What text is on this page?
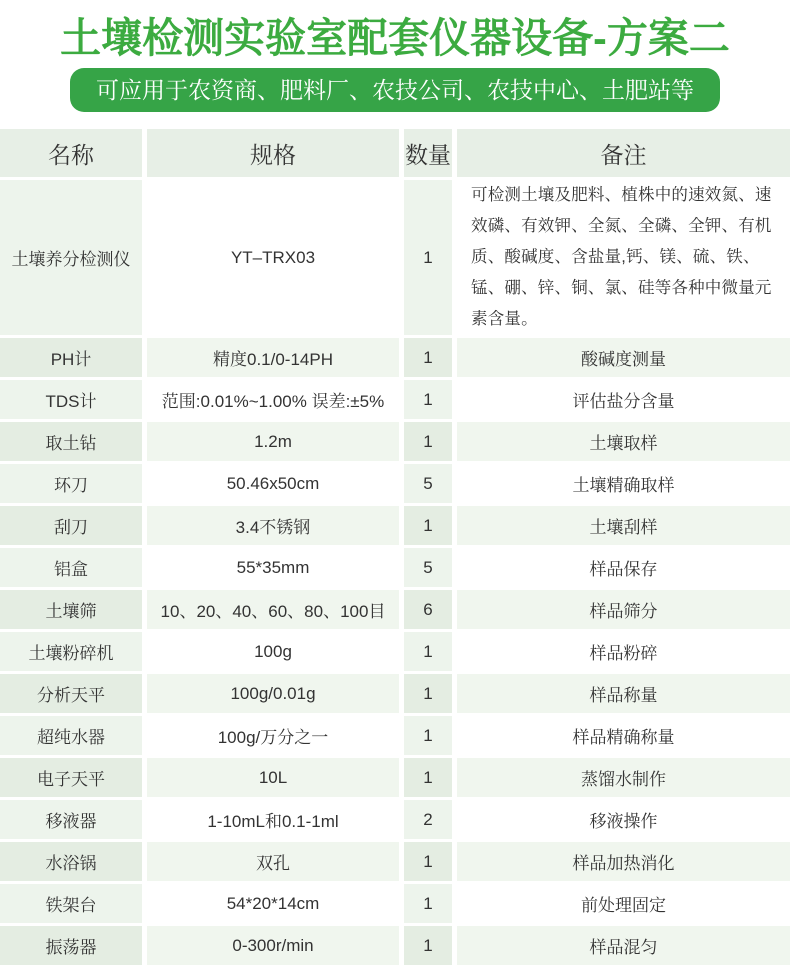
土壤检测实验室配套仪器设备-方案二
可应用于农资商、肥料厂、农技公司、农技中心、土肥站等
名称	规格	数量	备注
土壤养分检测仪	YT–TRX03	1	可检测土壤及肥料、植株中的速效氮、速效磷、有效钾、全氮、全磷、全钾、有机质、酸碱度、含盐量,钙、镁、硫、铁、锰、硼、锌、铜、氯、硅等各种中微量元素含量。
PH计	精度0.1/0-14PH	1	酸碱度测量
TDS计	范围:0.01%~1.00% 误差:±5%	1	评估盐分含量
取土钻	1.2m	1	土壤取样
环刀	50.46x50cm	5	土壤精确取样
刮刀	3.4不锈钢	1	土壤刮样
铝盒	55*35mm	5	样品保存
土壤筛	10、20、40、60、80、100目	6	样品筛分
土壤粉碎机	100g	1	样品粉碎
分析天平	100g/0.01g	1	样品称量
超纯水器	100g/万分之一	1	样品精确称量
电子天平	10L	1	蒸馏水制作
移液器	1-10mL和0.1-1ml	2	移液操作
水浴锅	双孔	1	样品加热消化
铁架台	54*20*14cm	1	前处理固定
振荡器	0-300r/min	1	样品混匀
